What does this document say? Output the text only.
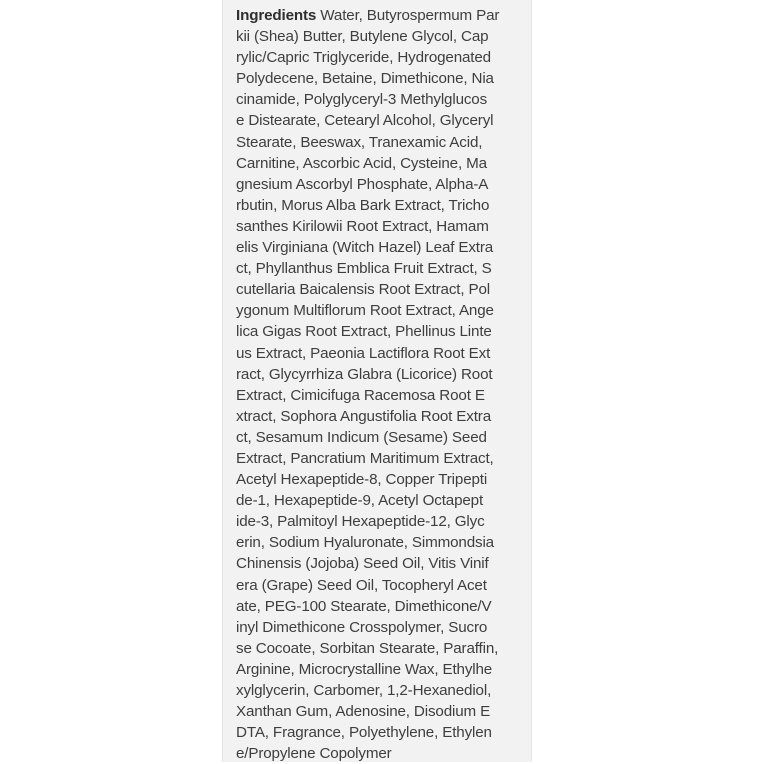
Ingredients Water, Butyrospermum Par
kii (Shea) Butter, Butylene Glycol, Cap
rylic/Capric Triglyceride, Hydrogenated
Polydecene, Betaine, Dimethicone, Nia
cinamide, Polyglyceryl-3 Methylglucos
e Distearate, Cetearyl Alcohol, Glyceryl
Stearate, Beeswax, Tranexamic Acid,
Carnitine, Ascorbic Acid, Cysteine, Ma
gnesium Ascorbyl Phosphate, Alpha-A
rbutin, Morus Alba Bark Extract, Tricho
santhes Kirilowii Root Extract, Hamam
elis Virginiana (Witch Hazel) Leaf Extra
ct, Phyllanthus Emblica Fruit Extract, S
cutellaria Baicalensis Root Extract, Pol
ygonum Multiflorum Root Extract, Ange
lica Gigas Root Extract, Phellinus Linte
us Extract, Paeonia Lactiflora Root Ext
ract, Glycyrrhiza Glabra (Licorice) Root
Extract, Cimicifuga Racemosa Root E
xtract, Sophora Angustifolia Root Extra
ct, Sesamum Indicum (Sesame) Seed
Extract, Pancratium Maritimum Extract,
Acetyl Hexapeptide-8, Copper Tripepti
de-1, Hexapeptide-9, Acetyl Octapept
ide-3, Palmitoyl Hexapeptide-12, Glyc
erin, Sodium Hyaluronate, Simmondsia
Chinensis (Jojoba) Seed Oil, Vitis Vinif
era (Grape) Seed Oil, Tocopheryl Acet
ate, PEG-100 Stearate, Dimethicone/V
inyl Dimethicone Crosspolymer, Sucro
se Cocoate, Sorbitan Stearate, Paraffin,
Arginine, Microcrystalline Wax, Ethylhe
xylglycerin, Carbomer, 1,2-Hexanediol,
Xanthan Gum, Adenosine, Disodium E
DTA, Fragrance, Polyethylene, Ethylen
e/Propylene Copolymer
